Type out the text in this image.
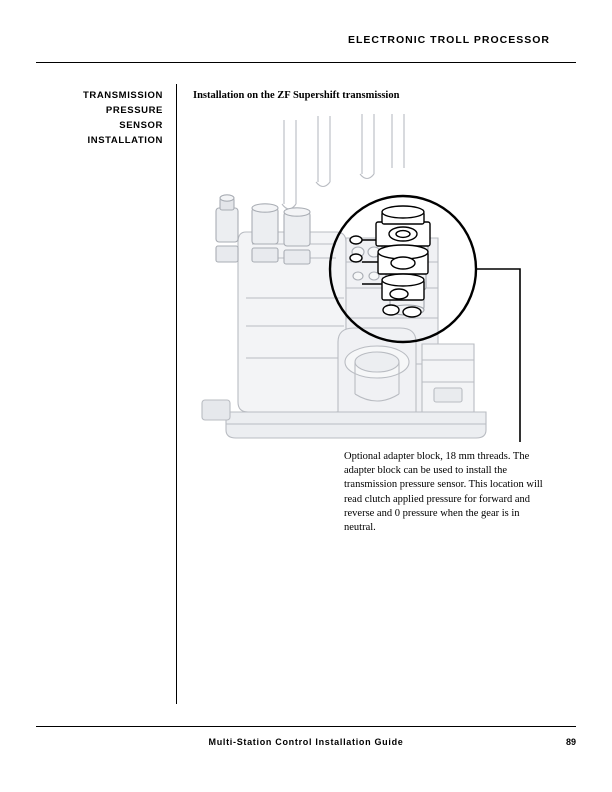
ELECTRONIC TROLL PROCESSOR
TRANSMISSION
PRESSURE
SENSOR
INSTALLATION
Installation on the ZF Supershift transmission
Optional adapter block, 18 mm threads. The adapter block can be used to install the transmission pressure sensor. This location will read clutch applied pressure for forward and reverse and 0 pressure when the gear is in neutral.
Multi-Station Control Installation Guide	89
